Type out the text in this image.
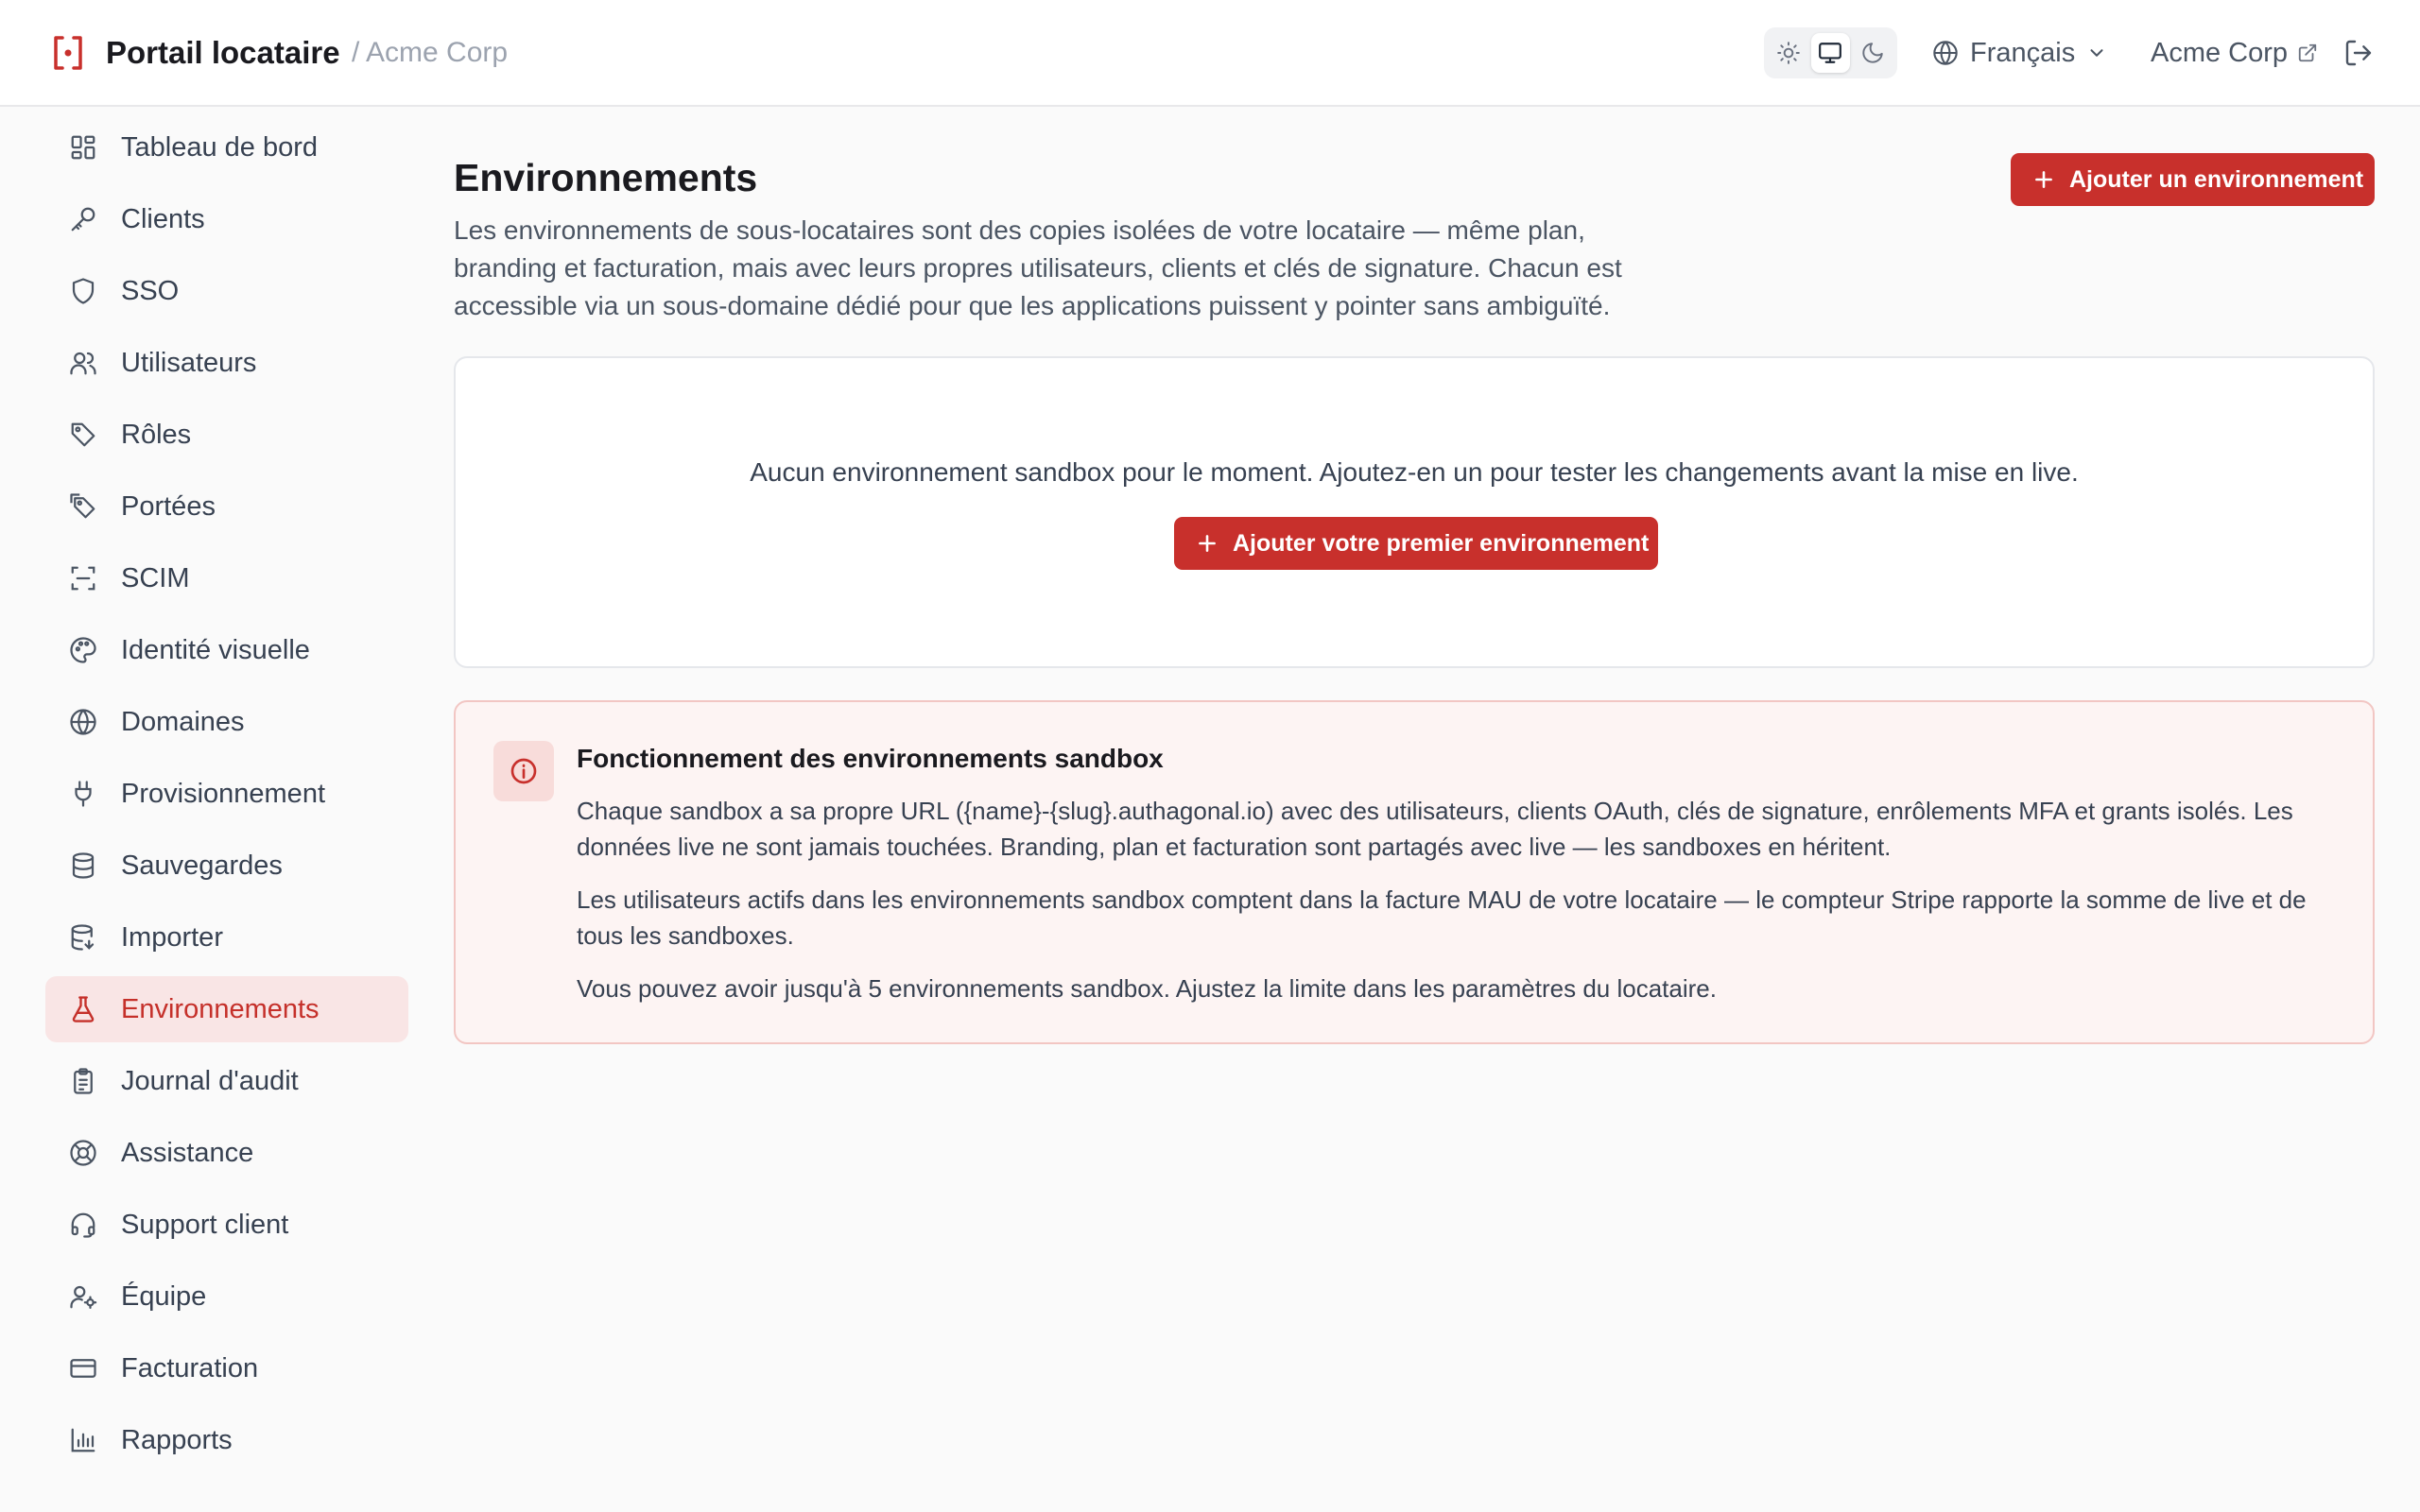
Portail locataire / Acme Corp	Français	Acme Corp
Tableau de bord
Clients
SSO
Utilisateurs
Rôles
Portées
SCIM
Identité visuelle
Domaines
Provisionnement
Sauvegardes
Importer
Environnements
Journal d'audit
Assistance
Support client
Équipe
Facturation
Rapports
Environnements

Les environnements de sous-locataires sont des copies isolées de votre locataire — même plan, branding et facturation, mais avec leurs propres utilisateurs, clients et clés de signature. Chacun est accessible via un sous-domaine dédié pour que les applications puissent y pointer sans ambiguïté.

Ajouter un environnement
Aucun environnement sandbox pour le moment. Ajoutez-en un pour tester les changements avant la mise en live.
Ajouter votre premier environnement
Fonctionnement des environnements sandbox

Chaque sandbox a sa propre URL ({name}-{slug}.authagonal.io) avec des utilisateurs, clients OAuth, clés de signature, enrôlements MFA et grants isolés. Les données live ne sont jamais touchées. Branding, plan et facturation sont partagés avec live — les sandboxes en héritent.

Les utilisateurs actifs dans les environnements sandbox comptent dans la facture MAU de votre locataire — le compteur Stripe rapporte la somme de live et de tous les sandboxes.

Vous pouvez avoir jusqu'à 5 environnements sandbox. Ajustez la limite dans les paramètres du locataire.
